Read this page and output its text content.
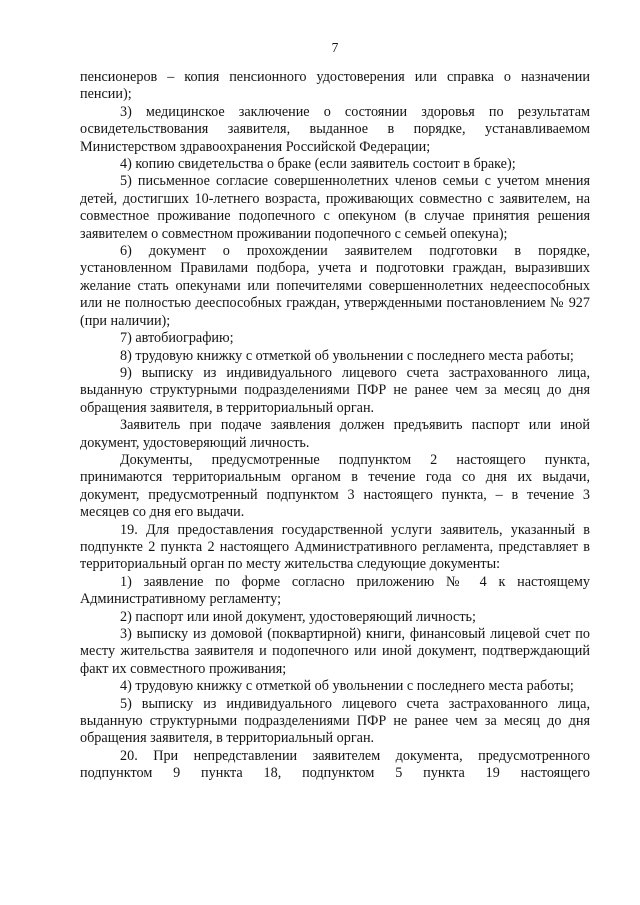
7

пенсионеров – копия пенсионного удостоверения или справка о назначении пенсии);

3) медицинское заключение о состоянии здоровья по результатам освидетельствования заявителя, выданное в порядке, устанавливаемом Министерством здравоохранения Российской Федерации;

4) копию свидетельства о браке (если заявитель состоит в браке);

5) письменное согласие совершеннолетних членов семьи с учетом мнения детей, достигших 10-летнего возраста, проживающих совместно с заявителем, на совместное проживание подопечного с опекуном (в случае принятия решения заявителем о совместном проживании подопечного с семьей опекуна);

6) документ о прохождении заявителем подготовки в порядке, установленном Правилами подбора, учета и подготовки граждан, выразивших желание стать опекунами или попечителями совершеннолетних недееспособных или не полностью дееспособных граждан, утвержденными постановлением № 927 (при наличии);

7) автобиографию;

8) трудовую книжку с отметкой об увольнении с последнего места работы;

9) выписку из индивидуального лицевого счета застрахованного лица, выданную структурными подразделениями ПФР не ранее чем за месяц до дня обращения заявителя, в территориальный орган.

Заявитель при подаче заявления должен предъявить паспорт или иной документ, удостоверяющий личность.

Документы, предусмотренные подпунктом 2 настоящего пункта, принимаются территориальным органом в течение года со дня их выдачи, документ, предусмотренный подпунктом 3 настоящего пункта, – в течение 3 месяцев со дня его выдачи.

19. Для предоставления государственной услуги заявитель, указанный в подпункте 2 пункта 2 настоящего Административного регламента, представляет в территориальный орган по месту жительства следующие документы:

1) заявление по форме согласно приложению № 4 к настоящему Административному регламенту;

2) паспорт или иной документ, удостоверяющий личность;

3) выписку из домовой (поквартирной) книги, финансовый лицевой счет по месту жительства заявителя и подопечного или иной документ, подтверждающий факт их совместного проживания;

4) трудовую книжку с отметкой об увольнении с последнего места работы;

5) выписку из индивидуального лицевого счета застрахованного лица, выданную структурными подразделениями ПФР не ранее чем за месяц до дня обращения заявителя, в территориальный орган.

20. При непредставлении заявителем документа, предусмотренного подпунктом 9 пункта 18, подпунктом 5 пункта 19 настоящего
